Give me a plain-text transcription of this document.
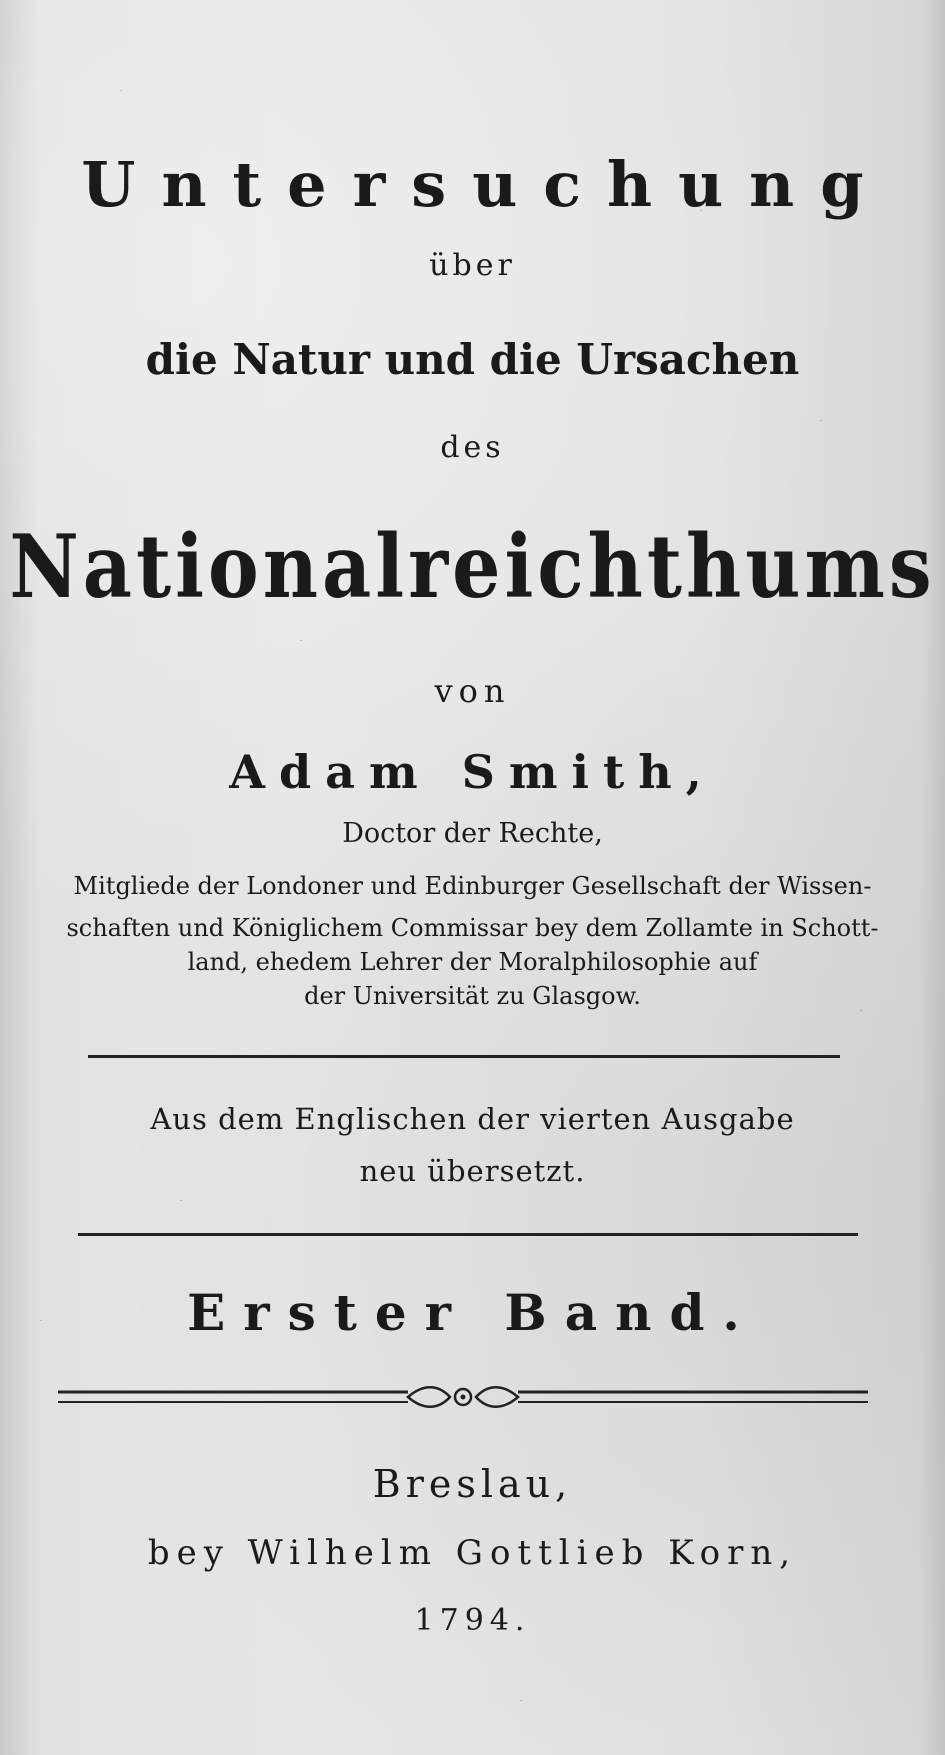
Untersuchung
über
die Natur und die Ursachen
des
Nationalreichthums
von
Adam Smith,
Doctor der Rechte,
Mitgliede der Londoner und Edinburger Gesellschaft der Wissen-
schaften und Königlichem Commissar bey dem Zollamte in Schott-
land, ehedem Lehrer der Moralphilosophie auf
der Universität zu Glasgow.
Aus dem Englischen der vierten Ausgabe
neu übersetzt.
Erster Band.
Breslau,
bey Wilhelm Gottlieb Korn,
1794.
